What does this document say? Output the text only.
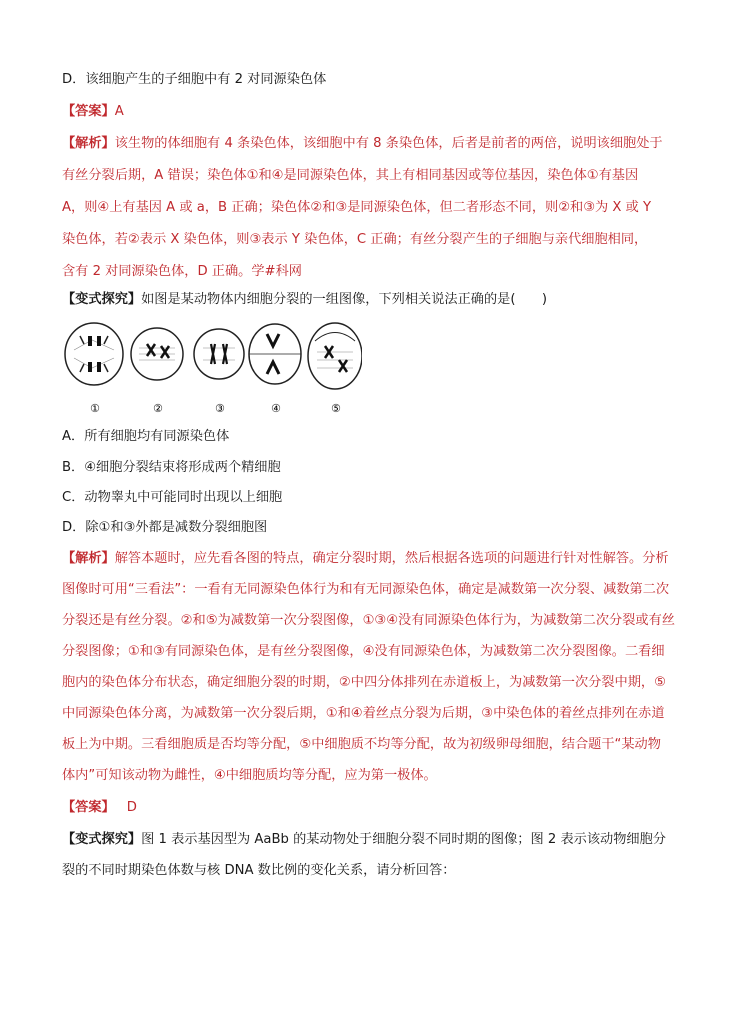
D．该细胞产生的子细胞中有 2 对同源染色体
【答案】A
【解析】该生物的体细胞有 4 条染色体，该细胞中有 8 条染色体，后者是前者的两倍，说明该细胞处于
有丝分裂后期，A 错误；染色体①和④是同源染色体，其上有相同基因或等位基因，染色体①有基因
A，则④上有基因 A 或 a，B 正确；染色体②和③是同源染色体，但二者形态不同，则②和③为 X 或 Y
染色体，若②表示 X 染色体，则③表示 Y 染色体，C 正确；有丝分裂产生的子细胞与亲代细胞相同，
含有 2 对同源染色体，D 正确。学#科网
【变式探究】如图是某动物体内细胞分裂的一组图像，下列相关说法正确的是(　　)
①	②	③	④	⑤
A．所有细胞均有同源染色体
B．④细胞分裂结束将形成两个精细胞
C．动物睾丸中可能同时出现以上细胞
D．除①和③外都是减数分裂细胞图
【解析】解答本题时，应先看各图的特点，确定分裂时期，然后根据各选项的问题进行针对性解答。分析
图像时可用“三看法”：一看有无同源染色体行为和有无同源染色体，确定是减数第一次分裂、减数第二次
分裂还是有丝分裂。②和⑤为减数第一次分裂图像，①③④没有同源染色体行为，为减数第二次分裂或有丝
分裂图像；①和③有同源染色体，是有丝分裂图像，④没有同源染色体，为减数第二次分裂图像。二看细
胞内的染色体分布状态，确定细胞分裂的时期，②中四分体排列在赤道板上，为减数第一次分裂中期，⑤
中同源染色体分离，为减数第一次分裂后期，①和④着丝点分裂为后期，③中染色体的着丝点排列在赤道
板上为中期。三看细胞质是否均等分配，⑤中细胞质不均等分配，故为初级卵母细胞，结合题干“某动物
体内”可知该动物为雌性，④中细胞质均等分配，应为第一极体。
【答案】 D
【变式探究】图 1 表示基因型为 AaBb 的某动物处于细胞分裂不同时期的图像；图 2 表示该动物细胞分
裂的不同时期染色体数与核 DNA 数比例的变化关系，请分析回答：
